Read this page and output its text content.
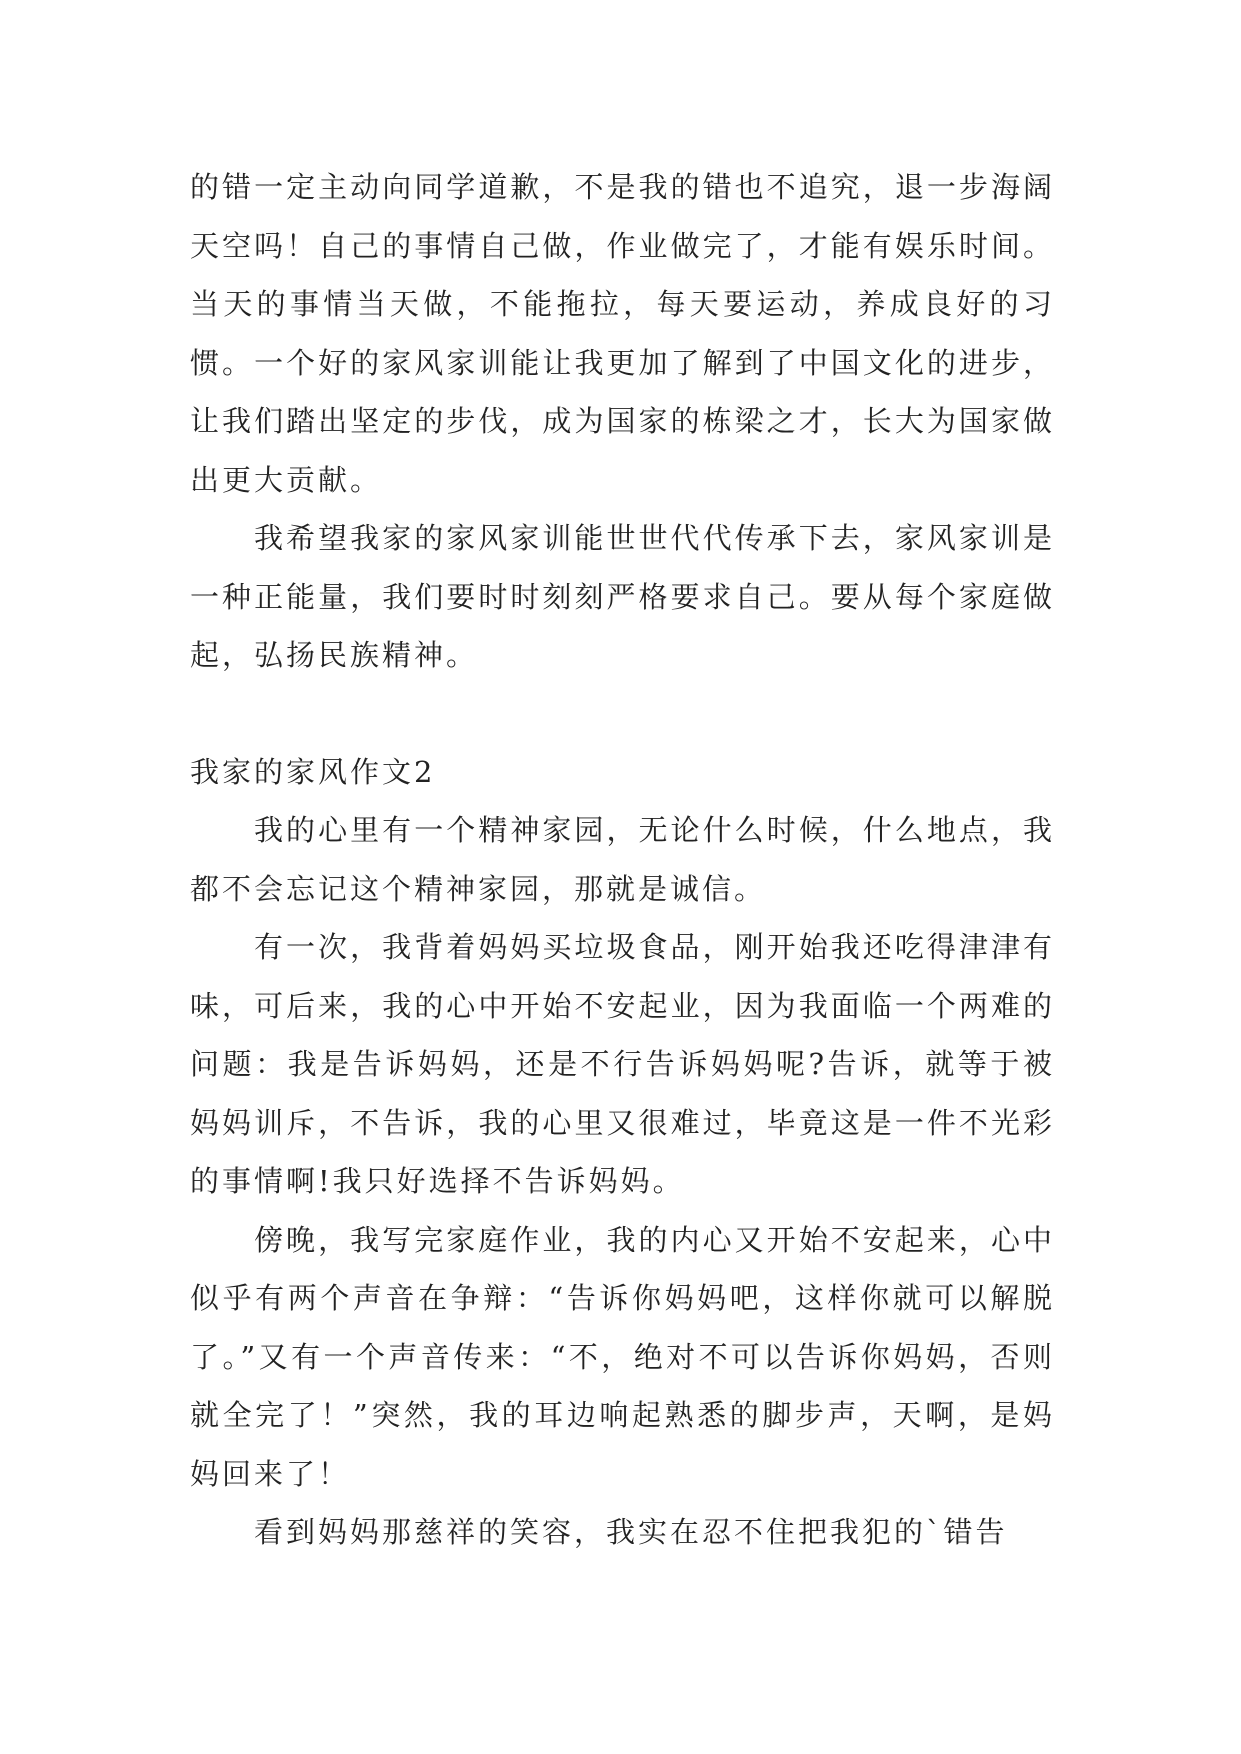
的错一定主动向同学道歉，不是我的错也不追究，退一步海阔天空吗！自己的事情自己做，作业做完了，才能有娱乐时间。当天的事情当天做，不能拖拉，每天要运动，养成良好的习惯。一个好的家风家训能让我更加了解到了中国文化的进步，让我们踏出坚定的步伐，成为国家的栋梁之才，长大为国家做出更大贡献。

我希望我家的家风家训能世世代代传承下去，家风家训是一种正能量，我们要时时刻刻严格要求自己。要从每个家庭做起，弘扬民族精神。

我家的家风作文2

我的心里有一个精神家园，无论什么时候，什么地点，我都不会忘记这个精神家园，那就是诚信。

有一次，我背着妈妈买垃圾食品，刚开始我还吃得津津有味，可后来，我的心中开始不安起业，因为我面临一个两难的问题：我是告诉妈妈，还是不行告诉妈妈呢?告诉，就等于被妈妈训斥，不告诉，我的心里又很难过，毕竟这是一件不光彩的事情啊!我只好选择不告诉妈妈。

傍晚，我写完家庭作业，我的内心又开始不安起来，心中似乎有两个声音在争辩：“告诉你妈妈吧，这样你就可以解脱了。”又有一个声音传来：“不，绝对不可以告诉你妈妈，否则就全完了！”突然，我的耳边响起熟悉的脚步声，天啊，是妈妈回来了！

看到妈妈那慈祥的笑容，我实在忍不住把我犯的`错告
